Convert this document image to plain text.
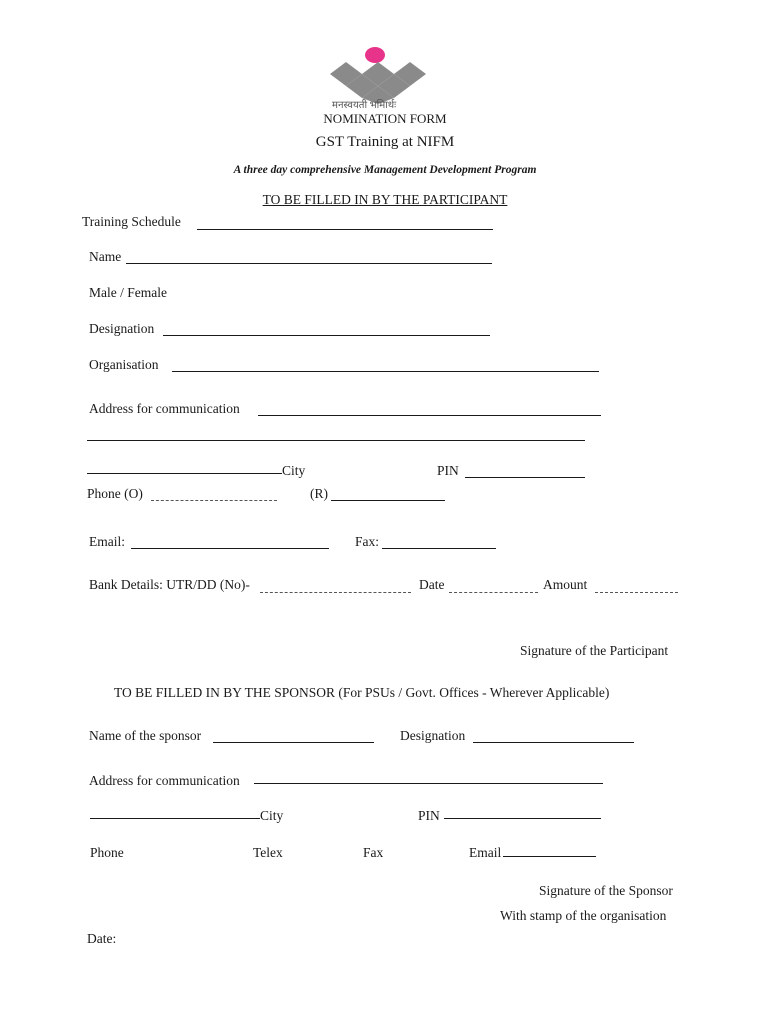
मनस्वयती भमिार्थः
NOMINATION FORM
GST Training at NIFM
A three day comprehensive Management Development Program
TO BE FILLED IN BY THE PARTICIPANT
Training Schedule
Name
Male / Female
Designation
Organisation
Address for communication
City	PIN
Phone (O)	(R)
Email:	Fax:
Bank Details: UTR/DD (No)-	Date	Amount
Signature of the Participant
TO BE FILLED IN BY THE SPONSOR (For PSUs / Govt. Offices - Wherever Applicable)
Name of the sponsor	Designation
Address for communication
City	PIN
Phone	Telex	Fax	Email
Signature of the Sponsor
With stamp of the organisation
Date:
